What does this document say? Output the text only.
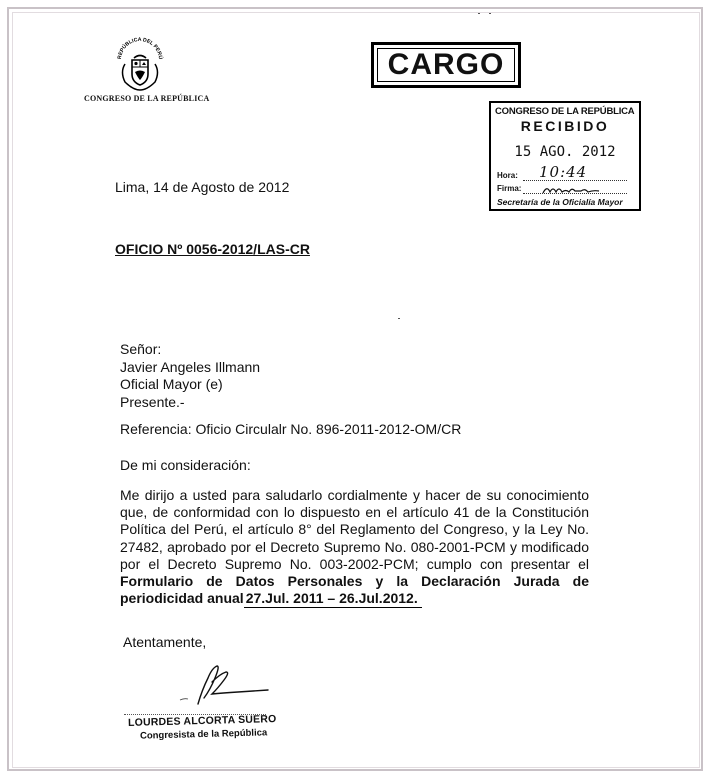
REPÚBLICA DEL PERÚ
CONGRESO DE LA REPÚBLICA
CARGO
CONGRESO DE LA REPÚBLICA
RECIBIDO
15 AGO. 2012
Hora: 10:44
Firma:
Secretaría de la Oficialía Mayor
Lima, 14 de Agosto de 2012
OFICIO Nº 0056-2012/LAS-CR
Señor:
Javier Angeles Illmann
Oficial Mayor (e)
Presente.-
Referencia: Oficio Circulalr No. 896-2011-2012-OM/CR
De mi consideración:
Me dirijo a usted para saludarlo cordialmente y hacer de su conocimiento que, de conformidad con lo dispuesto en el artículo 41 de la Constitución Política del Perú, el artículo 8° del Reglamento del Congreso, y la Ley No. 27482, aprobado por el Decreto Supremo No. 080-2001-PCM y modificado por el Decreto Supremo No. 003-2002-PCM; cumplo con presentar el Formulario de Datos Personales y la Declaración Jurada de periodicidad anual 27.Jul. 2011 – 26.Jul.2012.
Atentamente,
LOURDES ALCORTA SUERO
Congresista de la República
